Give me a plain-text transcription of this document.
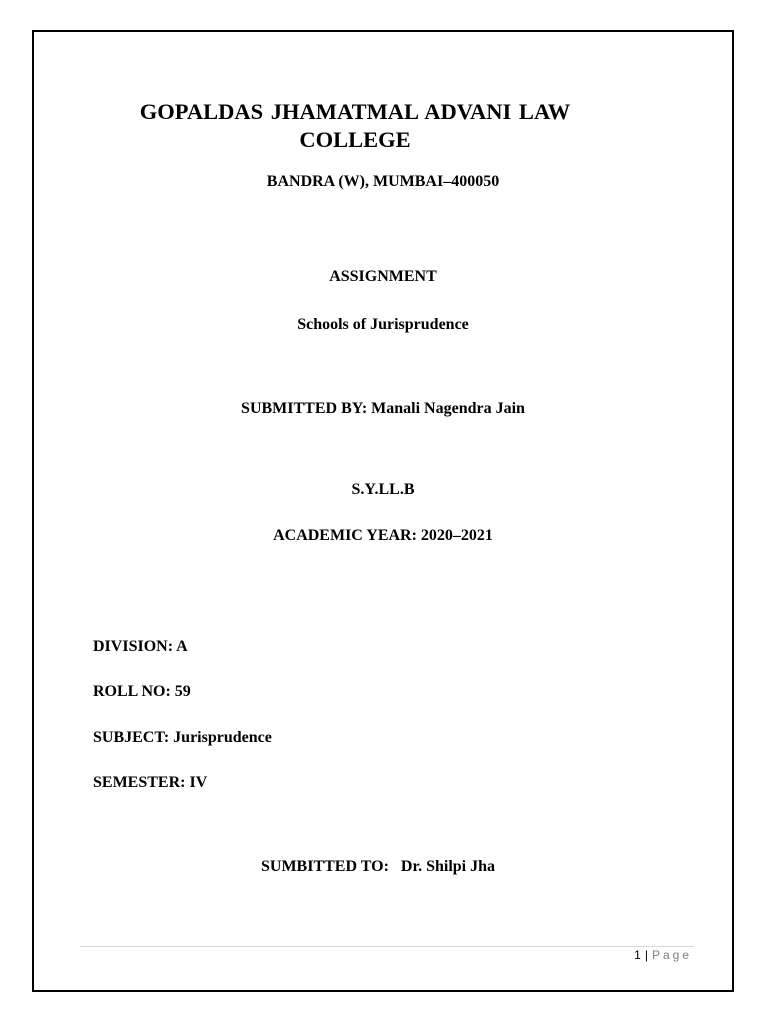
GOPALDAS JHAMATMAL ADVANI LAW COLLEGE
BANDRA (W), MUMBAI–400050
ASSIGNMENT
Schools of Jurisprudence
SUBMITTED BY: Manali Nagendra Jain
S.Y.LL.B
ACADEMIC YEAR: 2020–2021
DIVISION: A
ROLL NO: 59
SUBJECT: Jurisprudence
SEMESTER: IV
SUMBITTED TO:   Dr. Shilpi Jha
1 | Page
